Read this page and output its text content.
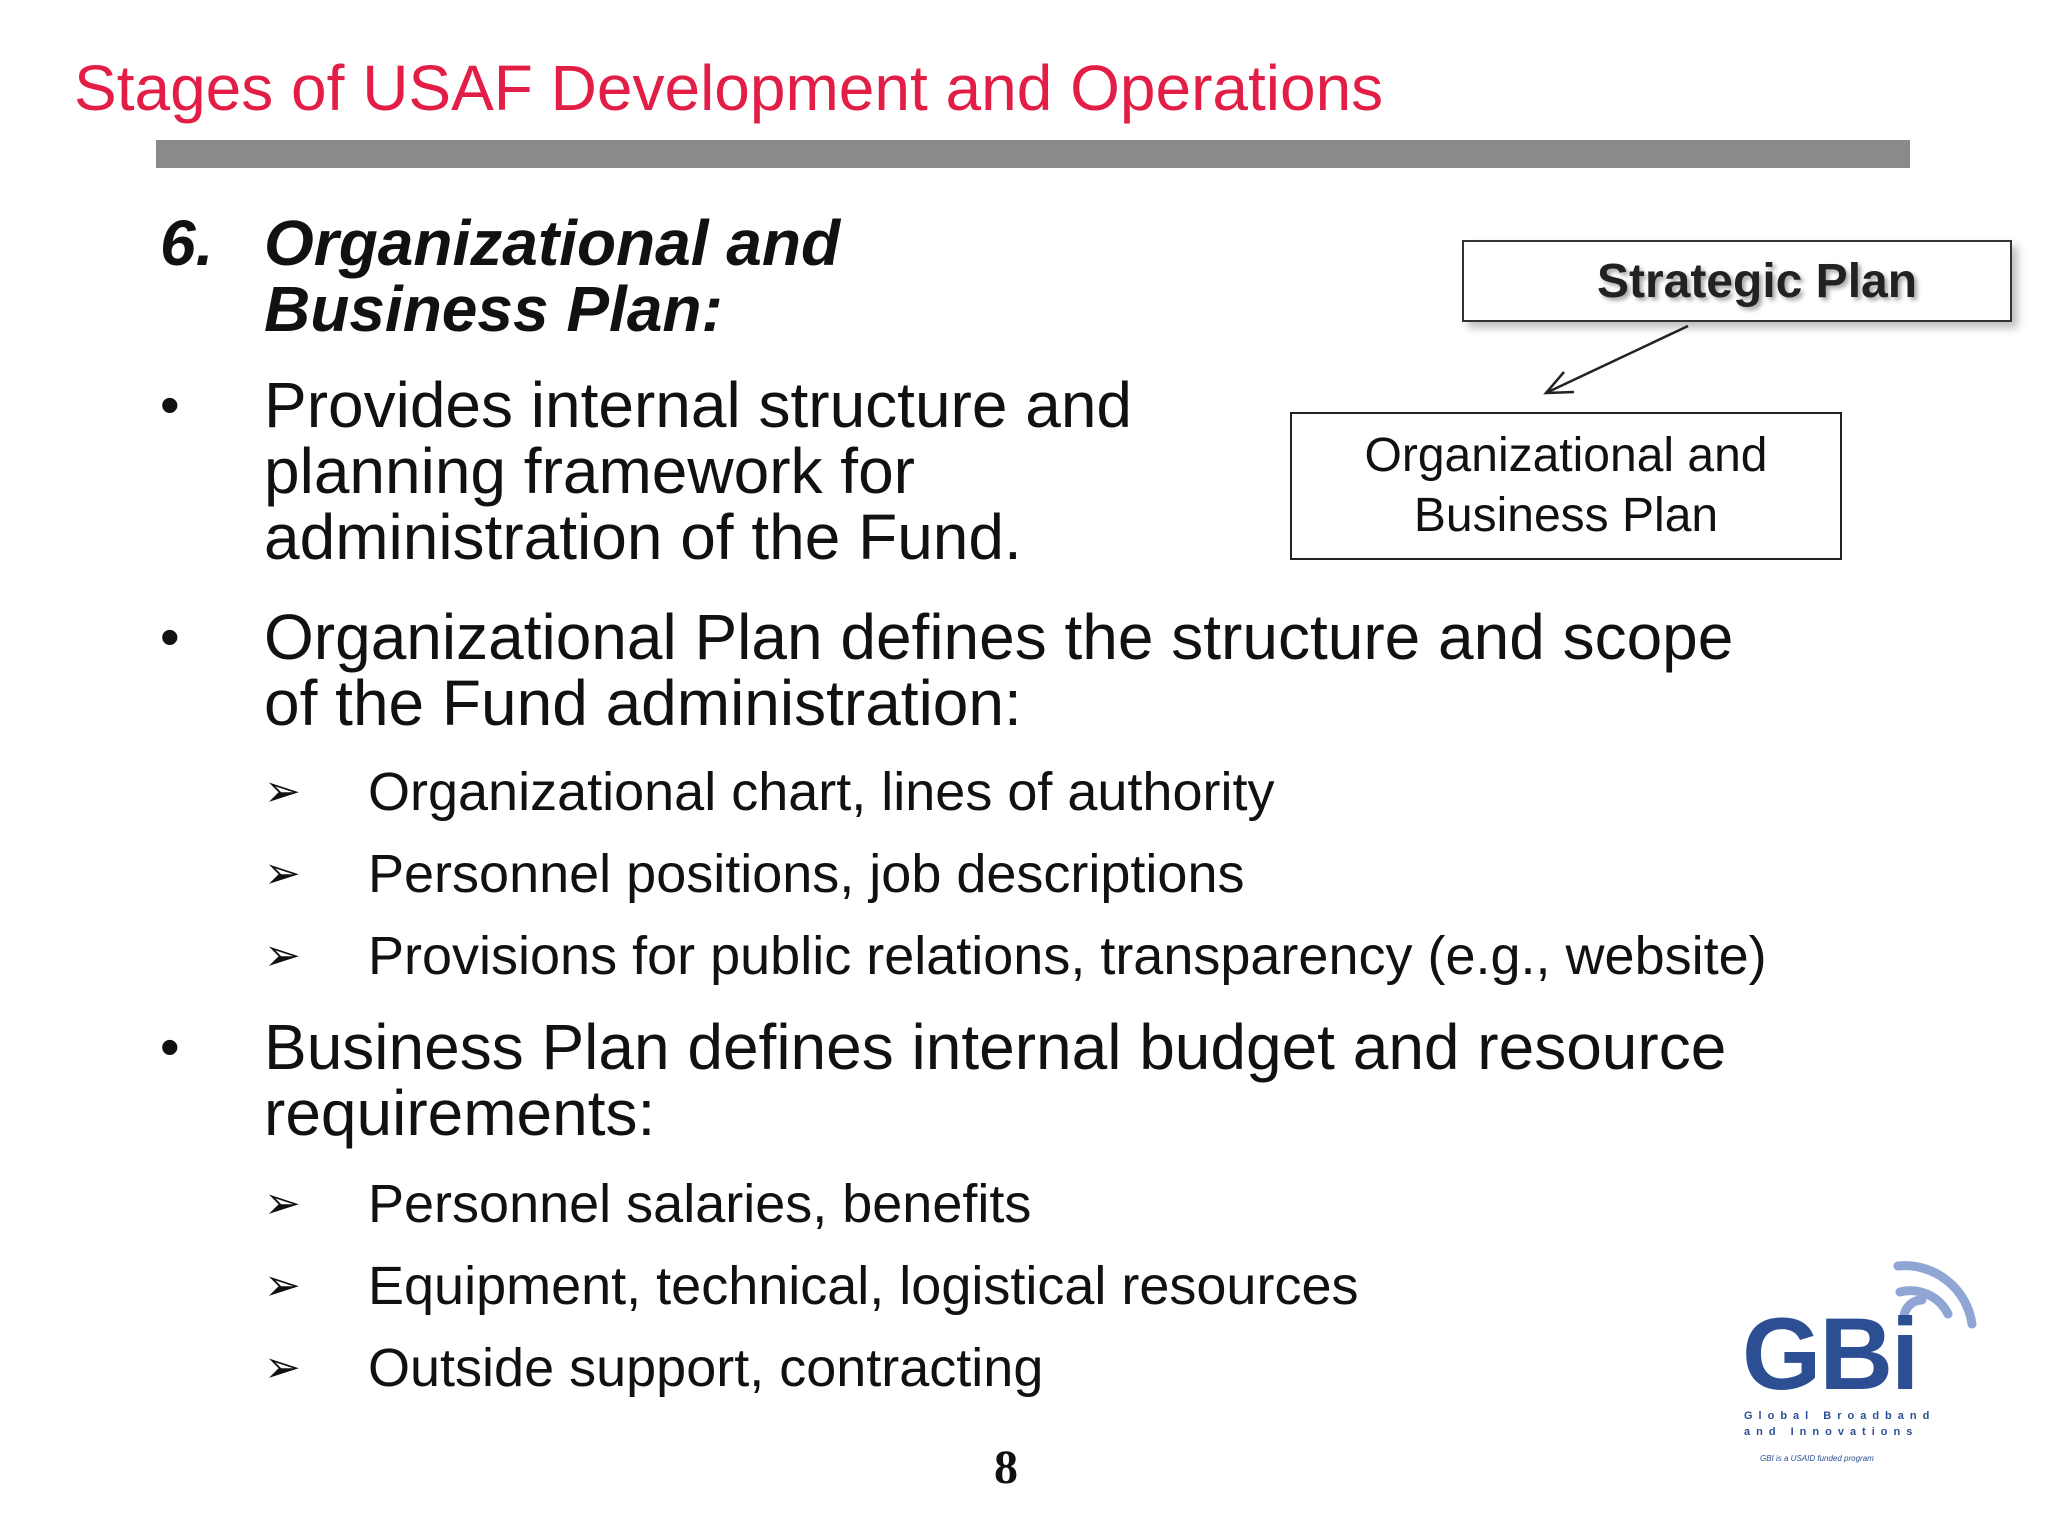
Stages of USAF Development and Operations
6. Organizational and
Business Plan:
• Provides internal structure and
planning framework for
administration of the Fund.
• Organizational Plan defines the structure and scope
of the Fund administration:
➢ Organizational chart, lines of authority
➢ Personnel positions, job descriptions
➢ Provisions for public relations, transparency (e.g., website)
• Business Plan defines internal budget and resource
requirements:
➢ Personnel salaries, benefits
➢ Equipment, technical, logistical resources
➢ Outside support, contracting
Strategic Plan
Organizational and
Business Plan
GBi
Global Broadband
and Innovations
GBI is a USAID funded program
8
